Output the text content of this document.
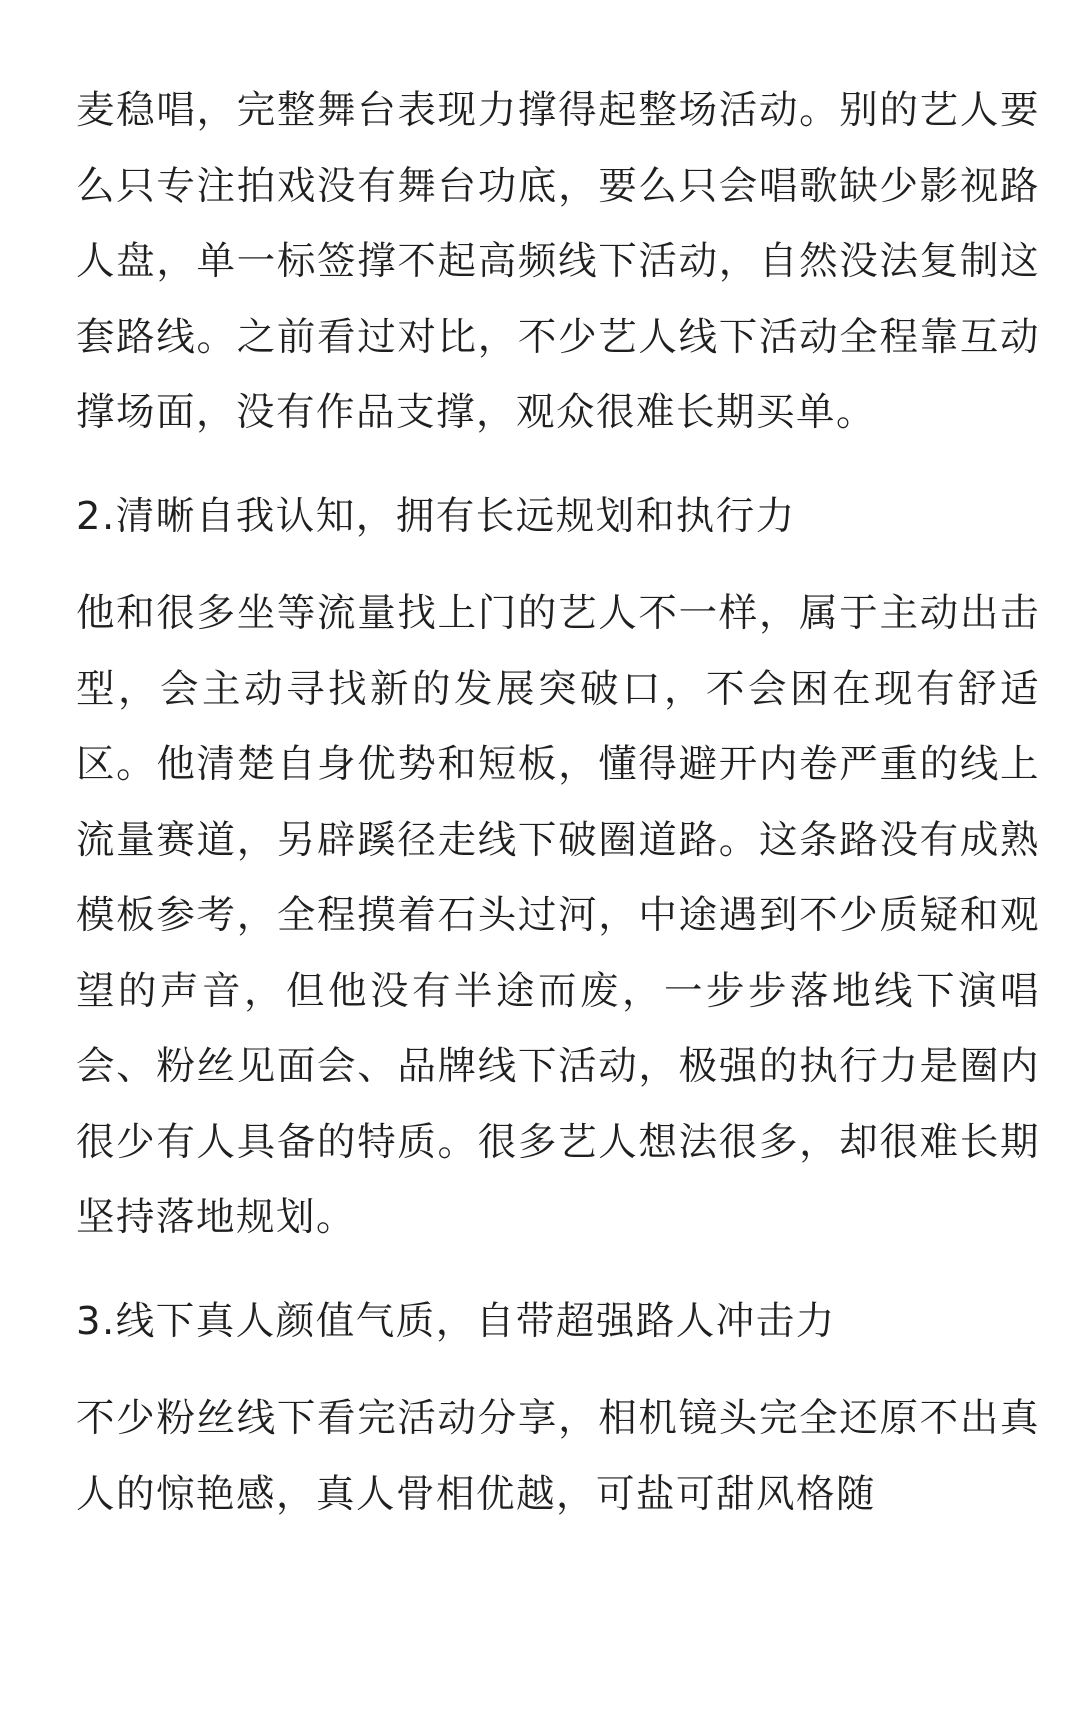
麦稳唱，完整舞台表现力撑得起整场活动。别的艺人要么只专注拍戏没有舞台功底，要么只会唱歌缺少影视路人盘，单一标签撑不起高频线下活动，自然没法复制这套路线。之前看过对比，不少艺人线下活动全程靠互动撑场面，没有作品支撑，观众很难长期买单。

2.清晰自我认知，拥有长远规划和执行力

他和很多坐等流量找上门的艺人不一样，属于主动出击型，会主动寻找新的发展突破口，不会困在现有舒适区。他清楚自身优势和短板，懂得避开内卷严重的线上流量赛道，另辟蹊径走线下破圈道路。这条路没有成熟模板参考，全程摸着石头过河，中途遇到不少质疑和观望的声音，但他没有半途而废，一步步落地线下演唱会、粉丝见面会、品牌线下活动，极强的执行力是圈内很少有人具备的特质。很多艺人想法很多，却很难长期坚持落地规划。

3.线下真人颜值气质，自带超强路人冲击力

不少粉丝线下看完活动分享，相机镜头完全还原不出真人的惊艳感，真人骨相优越，可盐可甜风格随
